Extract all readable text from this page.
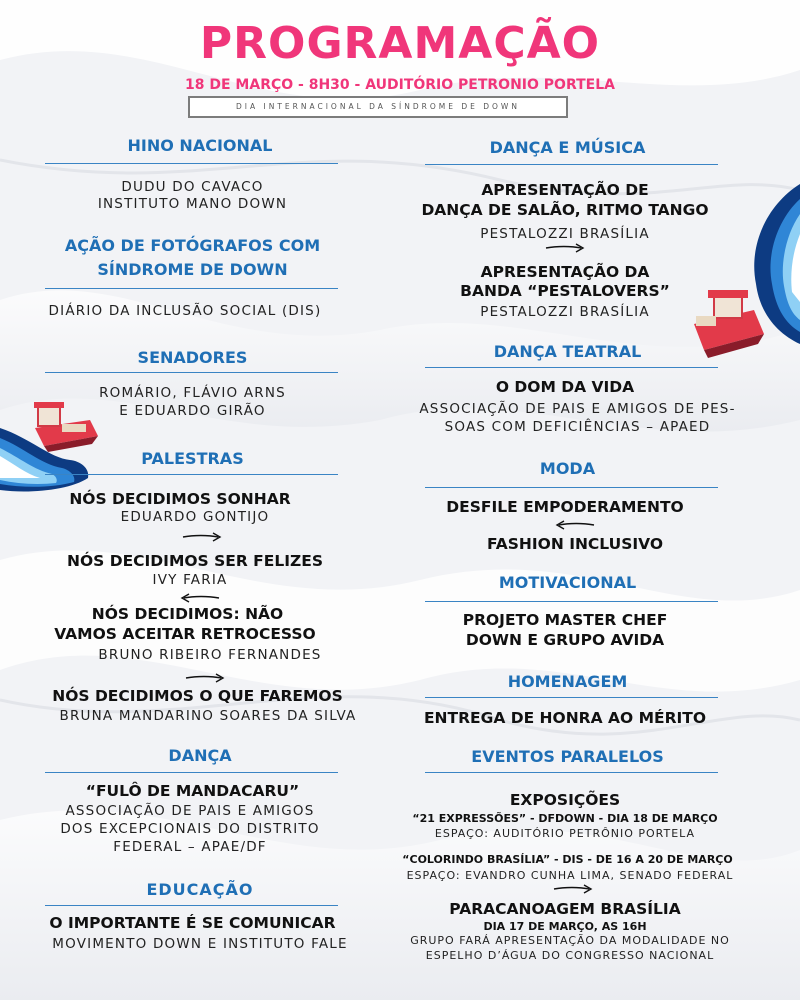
PROGRAMAÇÃO
18 DE MARÇO - 8H30 - AUDITÓRIO PETRONIO PORTELA
DIA INTERNACIONAL DA SÍNDROME DE DOWN
HINO NACIONAL
DUDU DO CAVACO
INSTITUTO MANO DOWN
AÇÃO DE FOTÓGRAFOS COM
SÍNDROME DE DOWN
DIÁRIO DA INCLUSÃO SOCIAL (DIS)
SENADORES
ROMÁRIO, FLÁVIO ARNS
E EDUARDO GIRÃO
PALESTRAS
NÓS DECIDIMOS SONHAR
EDUARDO GONTIJO
NÓS DECIDIMOS SER FELIZES
IVY FARIA
NÓS DECIDIMOS: NÃO
VAMOS ACEITAR RETROCESSO
BRUNO RIBEIRO FERNANDES
NÓS DECIDIMOS O QUE FAREMOS
BRUNA MANDARINO SOARES DA SILVA
DANÇA
“FULÔ DE MANDACARU”
ASSOCIAÇÃO DE PAIS E AMIGOS
DOS EXCEPCIONAIS DO DISTRITO
FEDERAL – APAE/DF
EDUCAÇÃO
O IMPORTANTE É SE COMUNICAR
MOVIMENTO DOWN E INSTITUTO FALE
DANÇA E MÚSICA
APRESENTAÇÃO DE
DANÇA DE SALÃO, RITMO TANGO
PESTALOZZI BRASÍLIA
APRESENTAÇÃO DA
BANDA “PESTALOVERS”
PESTALOZZI BRASÍLIA
DANÇA TEATRAL
O DOM DA VIDA
ASSOCIAÇÃO DE PAIS E AMIGOS DE PES-
SOAS COM DEFICIÊNCIAS – APAED
MODA
DESFILE EMPODERAMENTO
FASHION INCLUSIVO
MOTIVACIONAL
PROJETO MASTER CHEF
DOWN E GRUPO AVIDA
HOMENAGEM
ENTREGA DE HONRA AO MÉRITO
EVENTOS PARALELOS
EXPOSIÇÕES
“21 EXPRESSÕES” - DFDOWN - DIA 18 DE MARÇO
ESPAÇO: AUDITÓRIO PETRÔNIO PORTELA
“COLORINDO BRASÍLIA” - DIS - DE 16 A 20 DE MARÇO
ESPAÇO: EVANDRO CUNHA LIMA, SENADO FEDERAL
PARACANOAGEM BRASÍLIA
DIA 17 DE MARÇO, AS 16H
GRUPO FARÁ APRESENTAÇÃO DA MODALIDADE NO
ESPELHO D’ÁGUA DO CONGRESSO NACIONAL
